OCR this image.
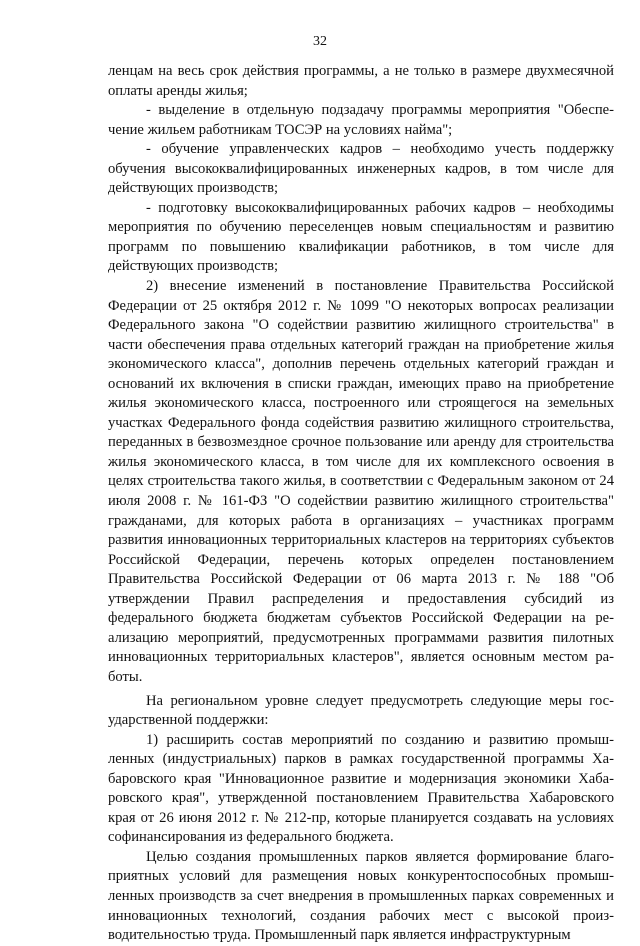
32

ленцам на весь срок действия программы, а не только в размере двухмесячной оплаты аренды жилья;

- выделение в отдельную подзадачу программы мероприятия "Обеспечение жильем работникам ТОСЭР на условиях найма";

- обучение управленческих кадров – необходимо учесть поддержку обучения высококвалифицированных инженерных кадров, в том числе для действующих производств;

- подготовку высококвалифицированных рабочих кадров – необходимы мероприятия по обучению переселенцев новым специальностям и развитию программ по повышению квалификации работников, в том числе для действующих производств;

2) внесение изменений в постановление Правительства Российской Федерации от 25 октября 2012 г. № 1099 "О некоторых вопросах реализации Федерального закона "О содействии развитию жилищного строительства" в части обеспечения права отдельных категорий граждан на приобретение жилья экономического класса", дополнив перечень отдельных категорий граждан и оснований их включения в списки граждан, имеющих право на приобретение жилья экономического класса, построенного или строящегося на земельных участках Федерального фонда содействия развитию жилищного строительства, переданных в безвозмездное срочное пользование или аренду для строительства жилья экономического класса, в том числе для их комплексного освоения в целях строительства такого жилья, в соответствии с Федеральным законом от 24 июля 2008 г. № 161-ФЗ "О содействии развитию жилищного строительства" гражданами, для которых работа в организациях – участниках программ развития инновационных территориальных кластеров на территориях субъектов Российской Федерации, перечень которых определен постановлением Правительства Российской Федерации от 06 марта 2013 г. № 188 "Об утверждении Правил распределения и предоставления субсидий из федерального бюджета бюджетам субъектов Российской Федерации на реализацию мероприятий, предусмотренных программами развития пилотных инновационных территориальных кластеров", является основным местом работы.

На региональном уровне следует предусмотреть следующие меры государственной поддержки:

1) расширить состав мероприятий по созданию и развитию промышленных (индустриальных) парков в рамках государственной программы Хабаровского края "Инновационное развитие и модернизация экономики Хабаровского края", утвержденной постановлением Правительства Хабаровского края от 26 июня 2012 г. № 212-пр, которые планируется создавать на условиях софинансирования из федерального бюджета.

Целью создания промышленных парков является формирование благоприятных условий для размещения новых конкурентоспособных промышленных производств за счет внедрения в промышленных парках современных и инновационных технологий, создания рабочих мест с высокой производительностью труда. Промышленный парк является инфраструктурным
